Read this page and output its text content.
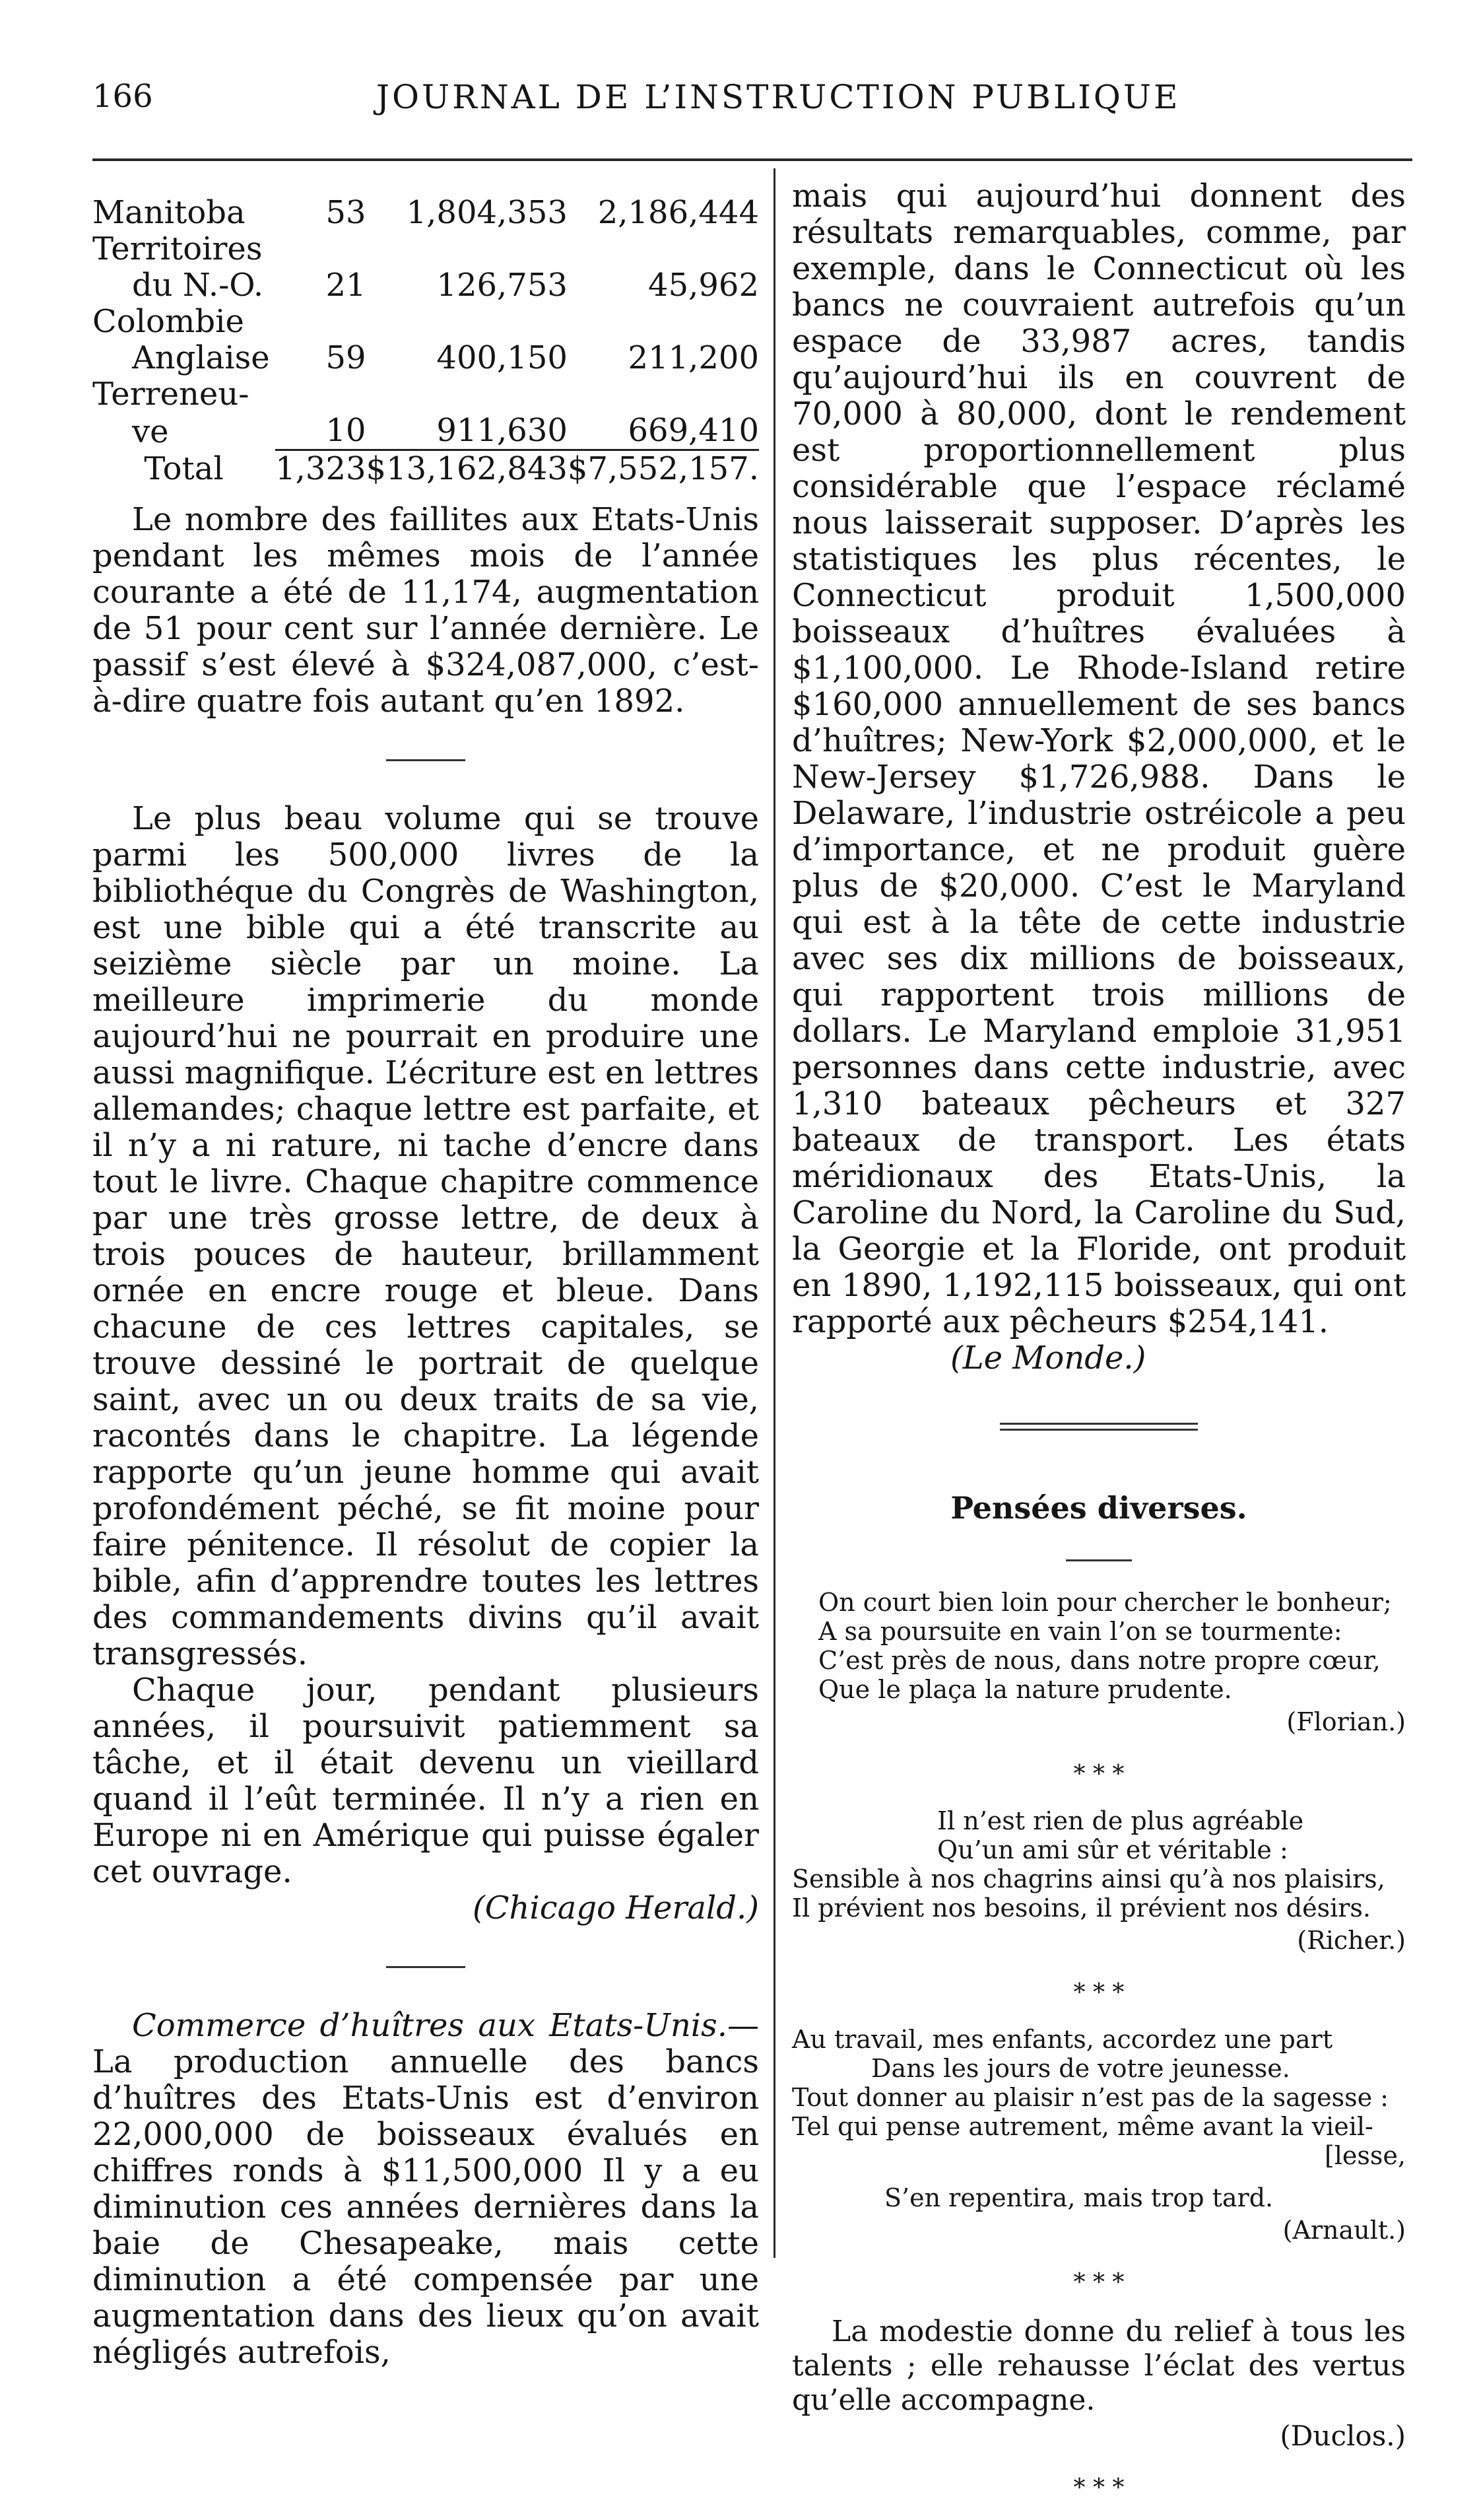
166	JOURNAL DE L’INSTRUCTION PUBLIQUE
Manitoba	53	1,804,353	2,186,444
Territoires			
du N.-O.	21	126,753	45,962
Colombie			
Anglaise	59	400,150	211,200
Terreneu-			
ve	10	911,630	669,410
Total	1,323	$13,162,843	$7,552,157.

Le nombre des faillites aux Etats-Unis pendant les mêmes mois de l’année courante a été de 11,174, augmentation de 51 pour cent sur l’année dernière. Le passif s’est élevé à $324,087,000, c’est-à-dire quatre fois autant qu’en 1892.

Le plus beau volume qui se trouve parmi les 500,000 livres de la bibliothéque du Congrès de Washington, est une bible qui a été transcrite au seizième siècle par un moine. La meilleure imprimerie du monde aujourd’hui ne pourrait en produire une aussi magnifique. L’écriture est en lettres allemandes; chaque lettre est parfaite, et il n’y a ni rature, ni tache d’encre dans tout le livre. Chaque chapitre commence par une très grosse lettre, de deux à trois pouces de hauteur, brillamment ornée en encre rouge et bleue. Dans chacune de ces lettres capitales, se trouve dessiné le portrait de quelque saint, avec un ou deux traits de sa vie, racontés dans le chapitre. La légende rapporte qu’un jeune homme qui avait profondément péché, se fit moine pour faire pénitence. Il résolut de copier la bible, afin d’apprendre toutes les lettres des commandements divins qu’il avait transgressés.

Chaque jour, pendant plusieurs années, il poursuivit patiemment sa tâche, et il était devenu un vieillard quand il l’eût terminée. Il n’y a rien en Europe ni en Amérique qui puisse égaler cet ouvrage.

(Chicago Herald.)

Commerce d’huîtres aux Etats-Unis.— La production annuelle des bancs d’huîtres des Etats-Unis est d’environ 22,000,000 de boisseaux évalués en chiffres ronds à $11,500,000 Il y a eu diminution ces années dernières dans la baie de Chesapeake, mais cette diminution a été compensée par une augmentation dans des lieux qu’on avait négligés autrefois,

mais qui aujourd’hui donnent des résultats remarquables, comme, par exemple, dans le Connecticut où les bancs ne couvraient autrefois qu’un espace de 33,987 acres, tandis qu’aujourd’hui ils en couvrent de 70,000 à 80,000, dont le rendement est proportionnellement plus considérable que l’espace réclamé nous laisserait supposer. D’après les statistiques les plus récentes, le Connecticut produit 1,500,000 boisseaux d’huîtres évaluées à $1,100,000. Le Rhode-Island retire $160,000 annuellement de ses bancs d’huîtres; New-York $2,000,000, et le New-Jersey $1,726,988. Dans le Delaware, l’industrie ostréicole a peu d’importance, et ne produit guère plus de $20,000. C’est le Maryland qui est à la tête de cette industrie avec ses dix millions de boisseaux, qui rapportent trois millions de dollars. Le Maryland emploie 31,951 personnes dans cette industrie, avec 1,310 bateaux pêcheurs et 327 bateaux de transport. Les états méridionaux des Etats-Unis, la Caroline du Nord, la Caroline du Sud, la Georgie et la Floride, ont produit en 1890, 1,192,115 boisseaux, qui ont rapporté aux pêcheurs $254,141.

(Le Monde.)

Pensées diverses.
On court bien loin pour chercher le bonheur;
A sa poursuite en vain l’on se tourmente:
C’est près de nous, dans notre propre cœur,
Que le plaça la nature prudente.
(Florian.)
* * *
Il n’est rien de plus agréable
Qu’un ami sûr et véritable :
Sensible à nos chagrins ainsi qu’à nos plaisirs,
Il prévient nos besoins, il prévient nos désirs.
(Richer.)
* * *
Au travail, mes enfants, accordez une part
Dans les jours de votre jeunesse.
Tout donner au plaisir n’est pas de la sagesse :
Tel qui pense autrement, même avant la vieil-
[lesse,
S’en repentira, mais trop tard.
(Arnault.)
* * *

La modestie donne du relief à tous les talents ; elle rehausse l’éclat des vertus qu’elle accompagne.

(Duclos.)
* * *
